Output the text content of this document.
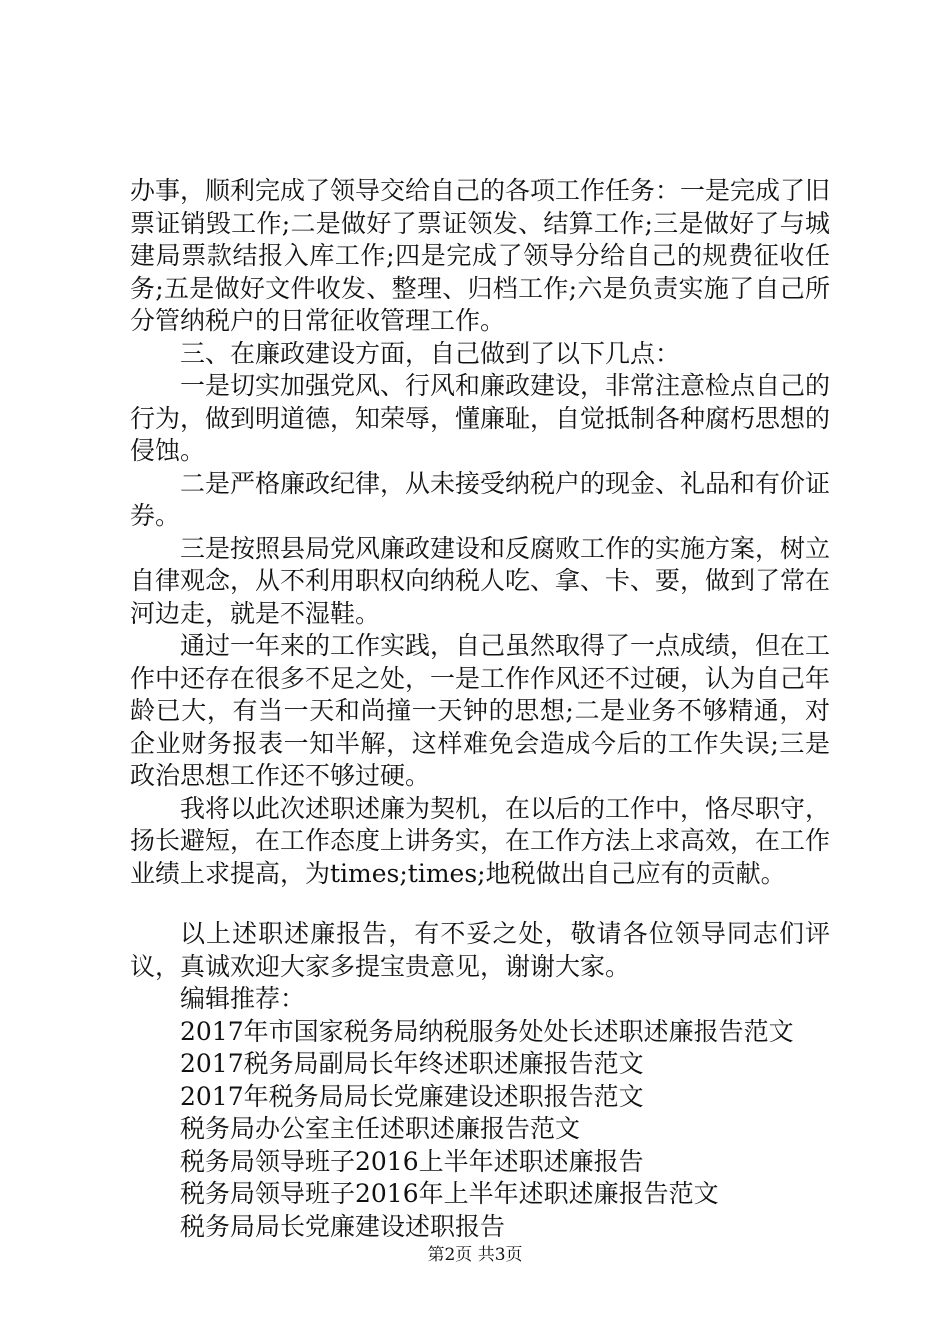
办事，顺利完成了领导交给自己的各项工作任务：一是完成了旧票证销毁工作;二是做好了票证领发、结算工作;三是做好了与城建局票款结报入库工作;四是完成了领导分给自己的规费征收任务;五是做好文件收发、整理、归档工作;六是负责实施了自己所分管纳税户的日常征收管理工作。

三、在廉政建设方面，自己做到了以下几点：

一是切实加强党风、行风和廉政建设，非常注意检点自己的行为，做到明道德，知荣辱，懂廉耻，自觉抵制各种腐朽思想的侵蚀。

二是严格廉政纪律，从未接受纳税户的现金、礼品和有价证券。

三是按照县局党风廉政建设和反腐败工作的实施方案，树立自律观念，从不利用职权向纳税人吃、拿、卡、要，做到了常在河边走，就是不湿鞋。

通过一年来的工作实践，自己虽然取得了一点成绩，但在工作中还存在很多不足之处，一是工作作风还不过硬，认为自己年龄已大，有当一天和尚撞一天钟的思想;二是业务不够精通，对企业财务报表一知半解，这样难免会造成今后的工作失误;三是政治思想工作还不够过硬。

我将以此次述职述廉为契机，在以后的工作中，恪尽职守，扬长避短，在工作态度上讲务实，在工作方法上求高效，在工作业绩上求提高，为times;times;地税做出自己应有的贡献。

以上述职述廉报告，有不妥之处，敬请各位领导同志们评议，真诚欢迎大家多提宝贵意见，谢谢大家。

编辑推荐：

2017年市国家税务局纳税服务处处长述职述廉报告范文
2017税务局副局长年终述职述廉报告范文
2017年税务局局长党廉建设述职报告范文
税务局办公室主任述职述廉报告范文
税务局领导班子2016上半年述职述廉报告
税务局领导班子2016年上半年述职述廉报告范文
税务局局长党廉建设述职报告
第2页 共3页
